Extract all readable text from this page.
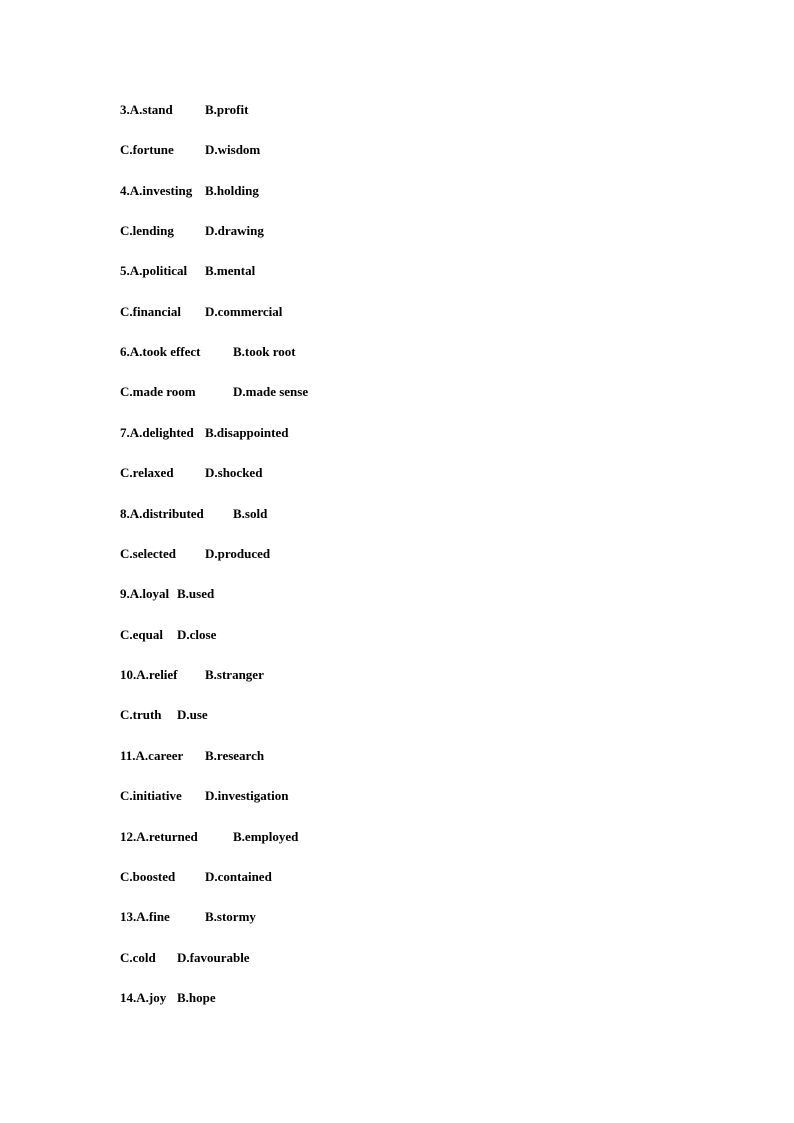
3.A.stand B.profit
C.fortune D.wisdom
4.A.investing B.holding
C.lending D.drawing
5.A.political B.mental
C.financial D.commercial
6.A.took effect	B.took root
C.made room	D.made sense
7.A.delighted B.disappointed
C.relaxed D.shocked
8.A.distributed B.sold
C.selected D.produced
9.A.loyal B.used
C.equal D.close
10.A.relief B.stranger
C.truth D.use
11.A.career B.research
C.initiative D.investigation
12.A.returned	B.employed
C.boosted D.contained
13.A.fine	B.stormy
C.cold D.favourable
14.A.joy B.hope
